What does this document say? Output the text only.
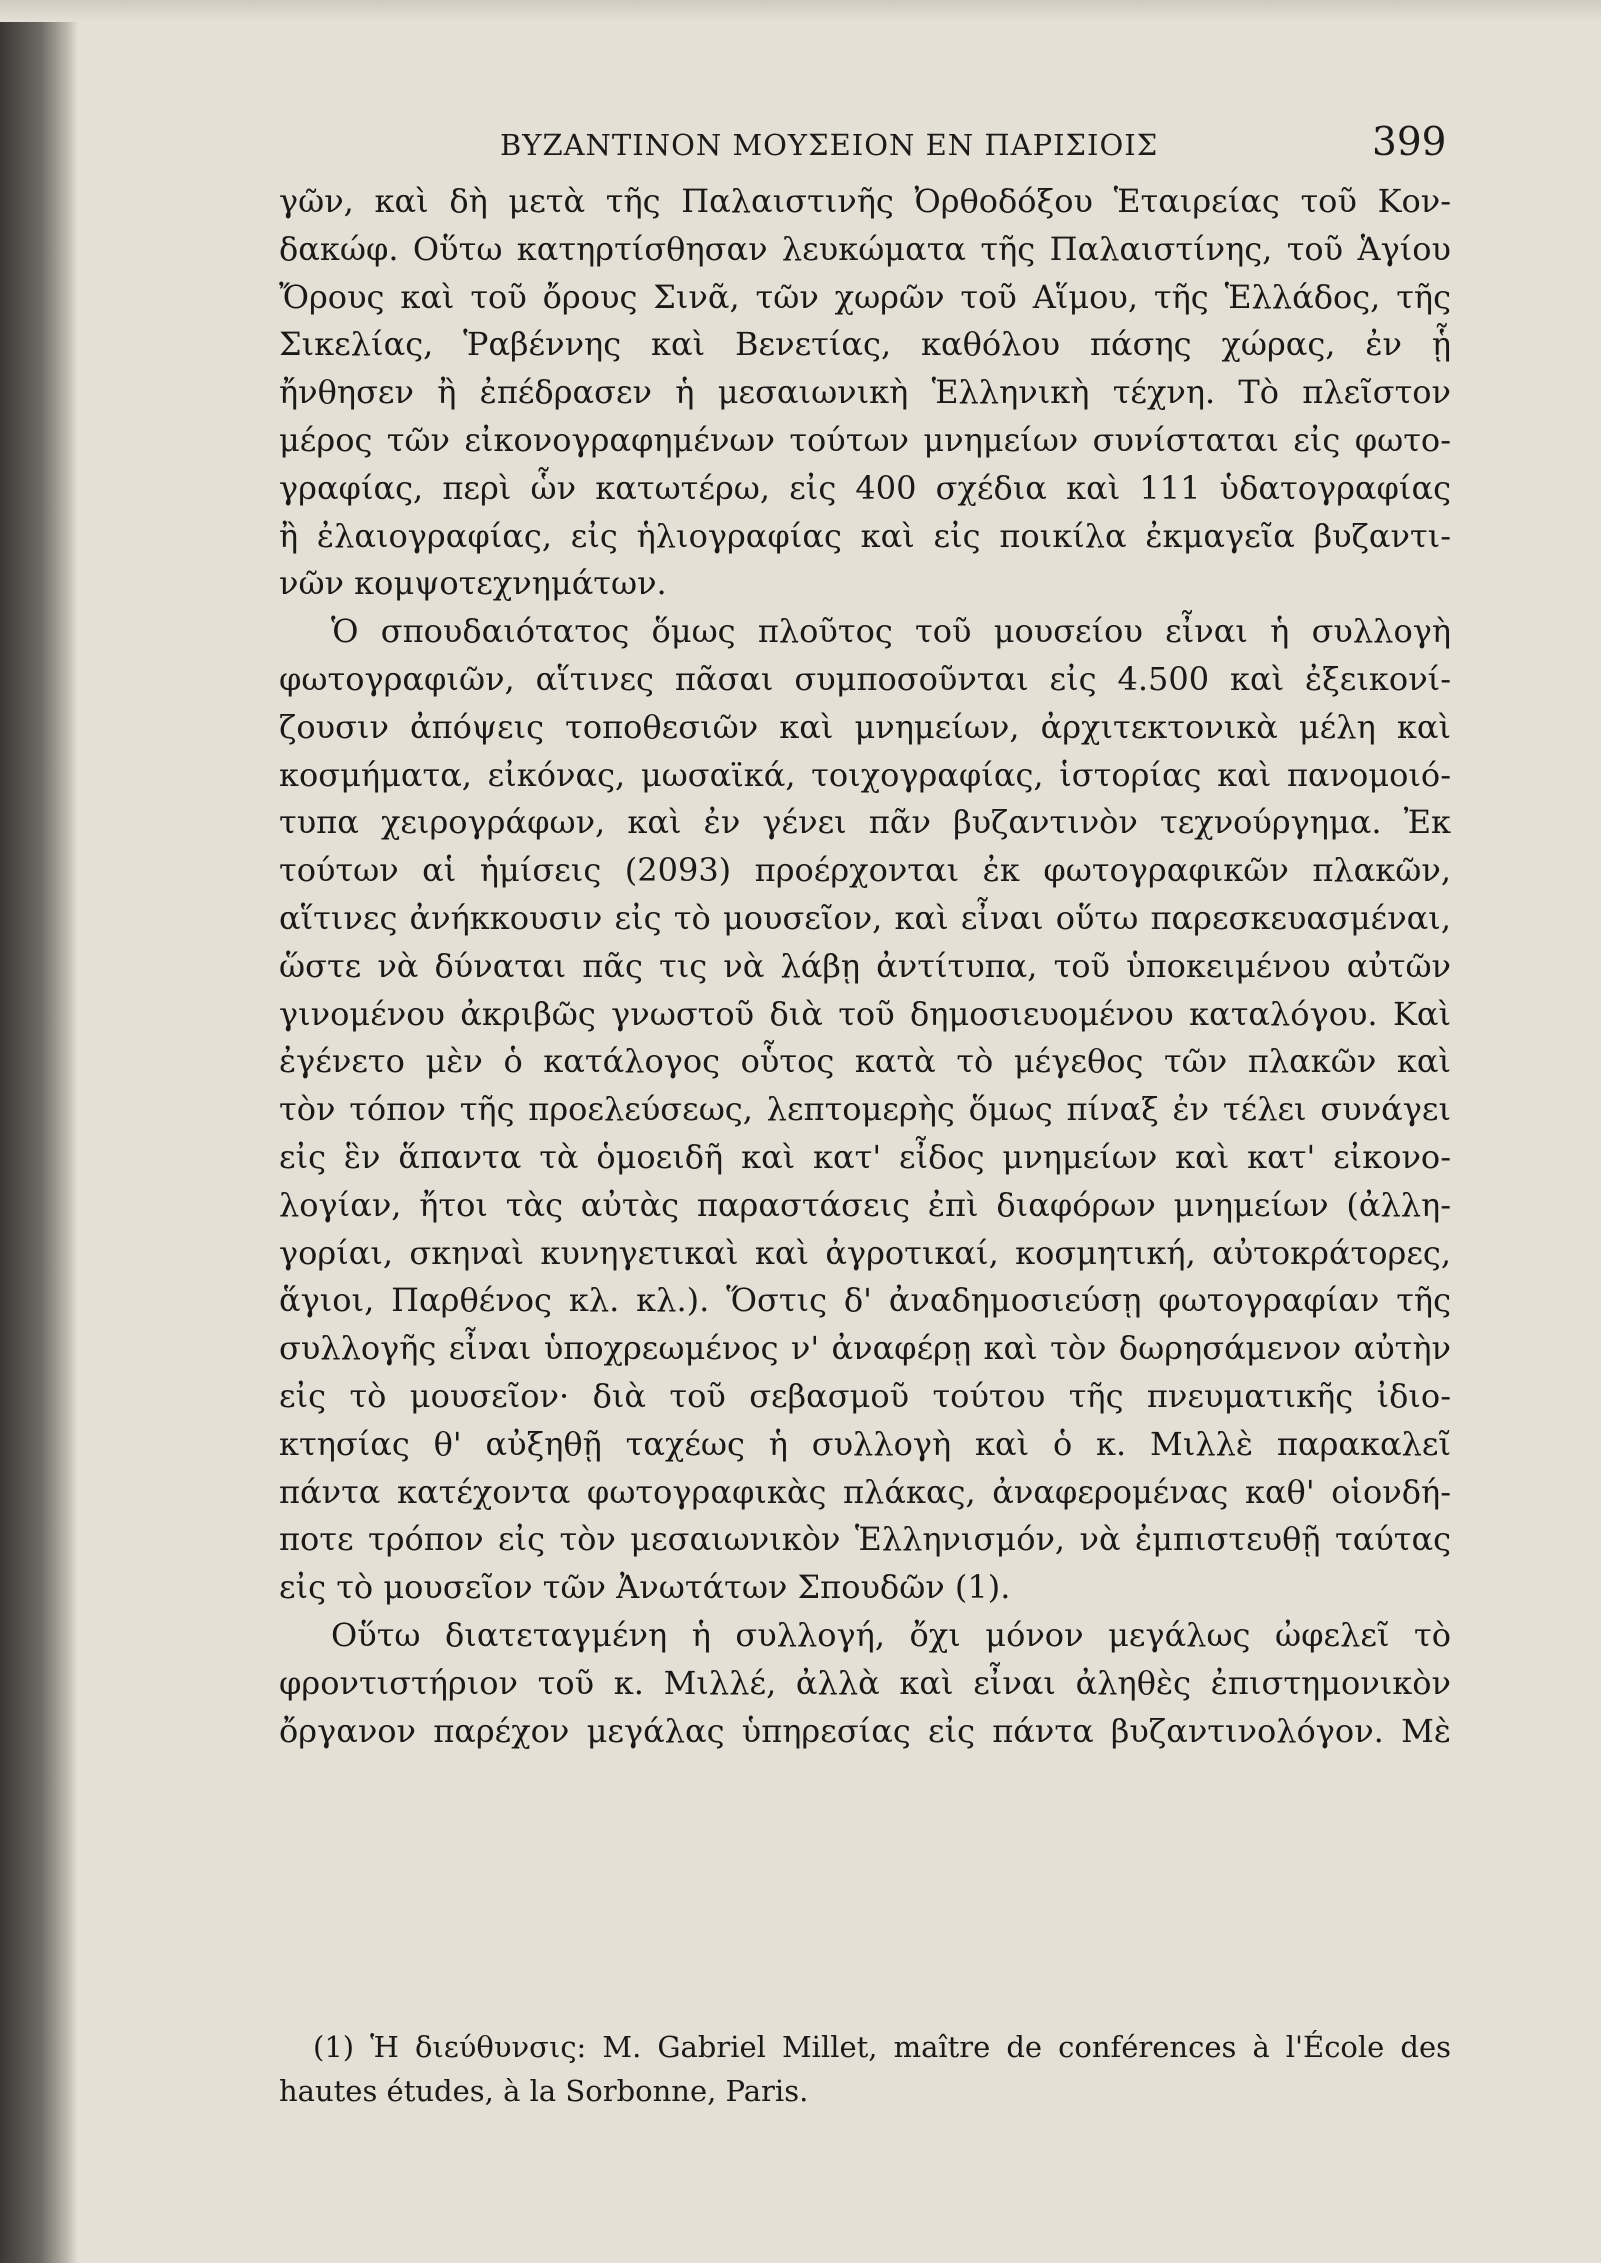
ΒΥΖΑΝΤΙΝΟΝ ΜΟΥΣΕΙΟΝ ΕΝ ΠΑΡΙΣΙΟΙΣ	399
γῶν, καὶ δὴ μετὰ τῆς Παλαιστινῆς Ὀρθοδόξου Ἑταιρείας τοῦ Κον-
δακώφ. Οὕτω κατηρτίσθησαν λευκώματα τῆς Παλαιστίνης, τοῦ Ἁγίου
Ὄρους καὶ τοῦ ὄρους Σινᾶ, τῶν χωρῶν τοῦ Αἵμου, τῆς Ἑλλάδος, τῆς
Σικελίας, Ῥαβέννης καὶ Βενετίας, καθόλου πάσης χώρας, ἐν ᾗ
ἤνθησεν ἢ ἐπέδρασεν ἡ μεσαιωνικὴ Ἑλληνικὴ τέχνη. Τὸ πλεῖστον
μέρος τῶν εἰκονογραφημένων τούτων μνημείων συνίσταται εἰς φωτο-
γραφίας, περὶ ὧν κατωτέρω, εἰς 400 σχέδια καὶ 111 ὑδατογραφίας
ἢ ἐλαιογραφίας, εἰς ἡλιογραφίας καὶ εἰς ποικίλα ἐκμαγεῖα βυζαντι-
νῶν κομψοτεχνημάτων.
Ὁ σπουδαιότατος ὅμως πλοῦτος τοῦ μουσείου εἶναι ἡ συλλογὴ
φωτογραφιῶν, αἵτινες πᾶσαι συμποσοῦνται εἰς 4.500 καὶ ἐξεικονί-
ζουσιν ἀπόψεις τοποθεσιῶν καὶ μνημείων, ἀρχιτεκτονικὰ μέλη καὶ
κοσμήματα, εἰκόνας, μωσαϊκά, τοιχογραφίας, ἱστορίας καὶ πανομοιό-
τυπα χειρογράφων, καὶ ἐν γένει πᾶν βυζαντινὸν τεχνούργημα. Ἐκ
τούτων αἱ ἡμίσεις (2093) προέρχονται ἐκ φωτογραφικῶν πλακῶν,
αἵτινες ἀνήκκουσιν εἰς τὸ μουσεῖον, καὶ εἶναι οὕτω παρεσκευασμέναι,
ὥστε νὰ δύναται πᾶς τις νὰ λάβῃ ἀντίτυπα, τοῦ ὑποκειμένου αὐτῶν
γινομένου ἀκριβῶς γνωστοῦ διὰ τοῦ δημοσιευομένου καταλόγου. Καὶ
ἐγένετο μὲν ὁ κατάλογος οὗτος κατὰ τὸ μέγεθος τῶν πλακῶν καὶ
τὸν τόπον τῆς προελεύσεως, λεπτομερὴς ὅμως πίναξ ἐν τέλει συνάγει
εἰς ἓν ἅπαντα τὰ ὁμοειδῆ καὶ κατ' εἶδος μνημείων καὶ κατ' εἰκονο-
λογίαν, ἤτοι τὰς αὐτὰς παραστάσεις ἐπὶ διαφόρων μνημείων (ἀλλη-
γορίαι, σκηναὶ κυνηγετικαὶ καὶ ἀγροτικαί, κοσμητική, αὐτοκράτορες,
ἅγιοι, Παρθένος κλ. κλ.). Ὅστις δ' ἀναδημοσιεύσῃ φωτογραφίαν τῆς
συλλογῆς εἶναι ὑποχρεωμένος ν' ἀναφέρῃ καὶ τὸν δωρησάμενον αὐτὴν
εἰς τὸ μουσεῖον· διὰ τοῦ σεβασμοῦ τούτου τῆς πνευματικῆς ἰδιο-
κτησίας θ' αὐξηθῇ ταχέως ἡ συλλογὴ καὶ ὁ κ. Μιλλὲ παρακαλεῖ
πάντα κατέχοντα φωτογραφικὰς πλάκας, ἀναφερομένας καθ' οἱονδή-
ποτε τρόπον εἰς τὸν μεσαιωνικὸν Ἑλληνισμόν, νὰ ἐμπιστευθῇ ταύτας
εἰς τὸ μουσεῖον τῶν Ἀνωτάτων Σπουδῶν (1).
Οὕτω διατεταγμένη ἡ συλλογή, ὄχι μόνον μεγάλως ὠφελεῖ τὸ
φροντιστήριον τοῦ κ. Μιλλέ, ἀλλὰ καὶ εἶναι ἀληθὲς ἐπιστημονικὸν
ὄργανον παρέχον μεγάλας ὑπηρεσίας εἰς πάντα βυζαντινολόγον. Μὲ
(1) Ἡ διεύθυνσις: M. Gabriel Millet, maître de conférences à l'École des
hautes études, à la Sorbonne, Paris.
